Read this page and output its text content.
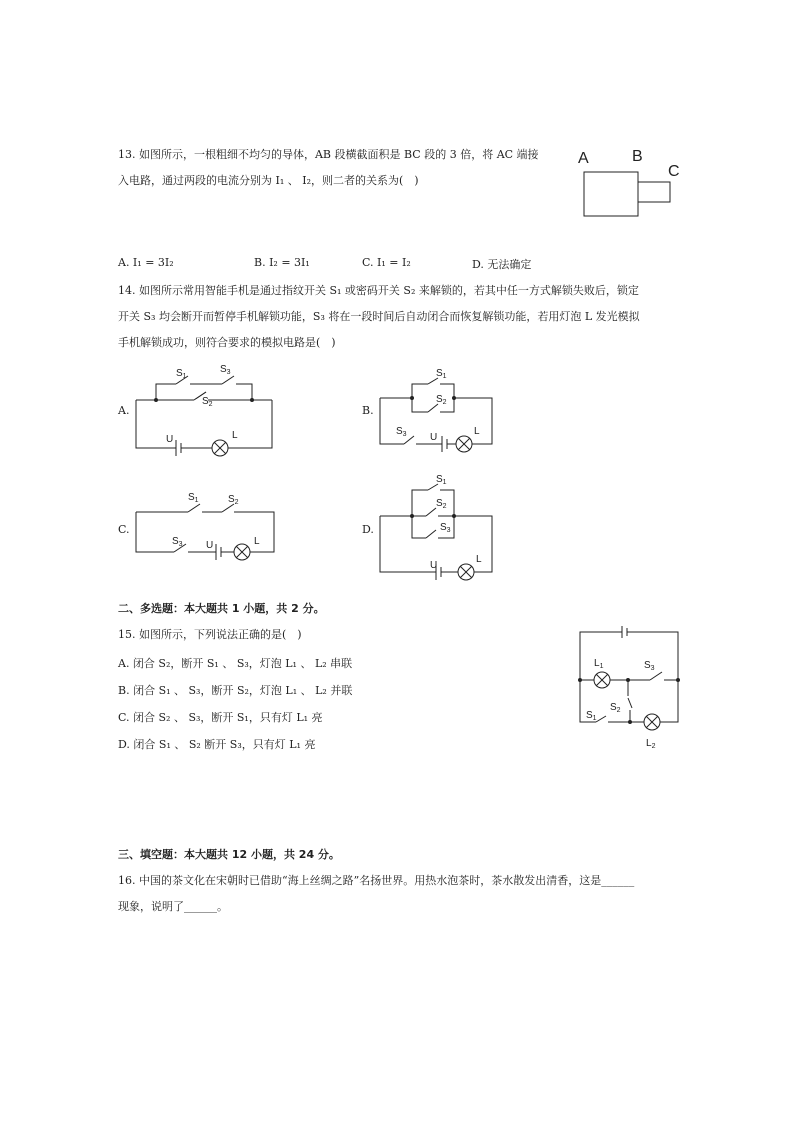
13. 如图所示，一根粗细不均匀的导体，AB 段横截面积是 BC 段的 3 倍，将 AC 端接
入电路，通过两段的电流分别为 I₁ 、 I₂，则二者的关系为(　)
A	B
C
A. I₁ = 3I₂	B. I₂ = 3I₁	C. I₁ = I₂	D. 无法确定
14. 如图所示常用智能手机是通过指纹开关 S₁ 或密码开关 S₂ 来解锁的，若其中任一方式解锁失败后，锁定
开关 S₃ 均会断开而暂停手机解锁功能，S₃ 将在一段时间后自动闭合而恢复解锁功能，若用灯泡 L 发光模拟
手机解锁成功，则符合要求的模拟电路是(　)
A.	B.
C.	D.
$S_1$
$S_3$
$S_2$
U	L
$S_1$
$S_2$
$S_3$ U
L
$S_1$	$S_2$
$S_3$ U	L
$S_1$
$S_2$
$S_3$
U
L
二、多选题：本大题共 1 小题，共 2 分。
15. 如图所示，下列说法正确的是(　)
A. 闭合 S₂，断开 S₁ 、 S₃，灯泡 L₁ 、 L₂ 串联
B. 闭合 S₁ 、 S₃，断开 S₂，灯泡 L₁ 、 L₂ 并联
C. 闭合 S₂ 、 S₃，断开 S₁，只有灯 L₁ 亮
D. 闭合 S₁ 、 S₂ 断开 S₃，只有灯 L₁ 亮
$L_1$	$S_3$
$S_2$
$S_1$
$L_2$
三、填空题：本大题共 12 小题，共 24 分。
16. 中国的茶文化在宋朝时已借助“海上丝绸之路”名扬世界。用热水泡茶时，茶水散发出清香，这是______
现象，说明了______。
